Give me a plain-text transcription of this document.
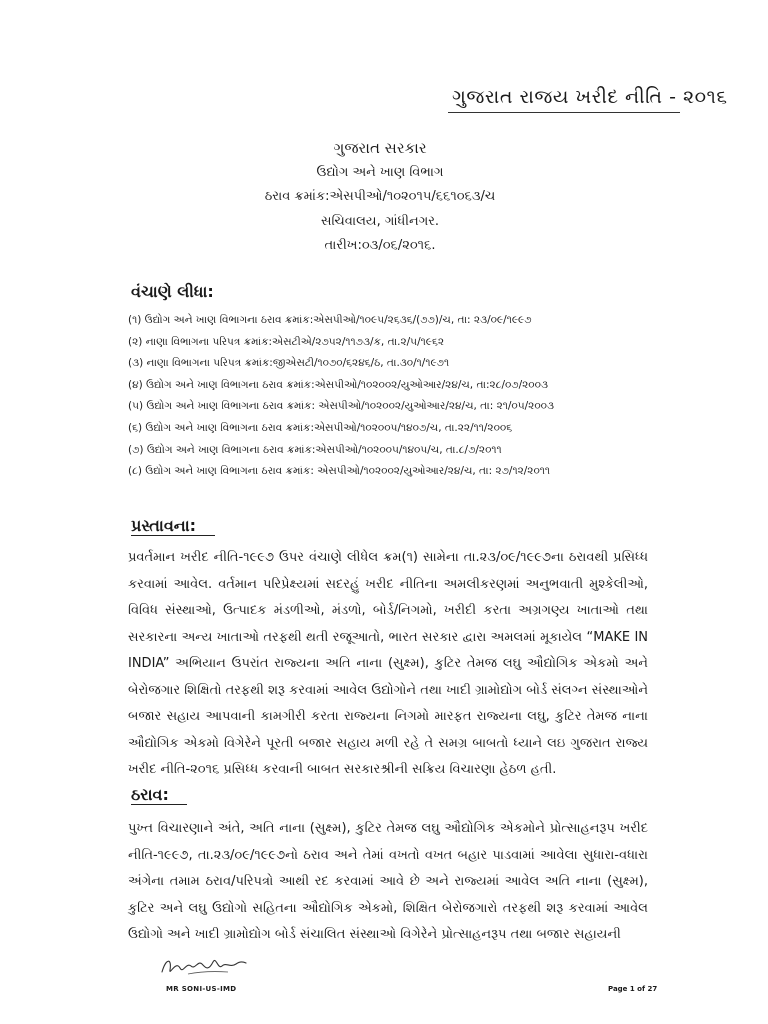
ગુજરાત રાજય ખરીદ નીતિ - ૨૦૧૬
ગુજરાત સરકાર
ઉદ્યોગ અને ખાણ વિભાગ
ઠરાવ ક્રમાંક:એસપીઓ/૧૦૨૦૧૫/૬૬૧૦૬૩/ચ
સચિવાલય, ગાંધીનગર.
તારીખ:૦૩/૦૬/૨૦૧૬.
વંચાણે લીધા:
(૧) ઉદ્યોગ અને ખાણ વિભાગના ઠરાવ ક્રમાંક:એસપીઓ/૧૦૯૫/૨૬૩૬/(૭૭)/ચ, તા: ૨૩/૦૯/૧૯૯૭
(૨) નાણા વિભાગના પરિપત્ર ક્રમાંક:એસટીએ/૨૭૫૨/૧૧૭૩/ક, તા.૨/૫/૧૯૬૨
(૩) નાણા વિભાગના પરિપત્ર ક્રમાંક:જીએસટી/૧૦૭૦/૬૨૪૬/ઠ, તા.૩૦/૧/૧૯૭૧
(૪) ઉદ્યોગ અને ખાણ વિભાગના ઠરાવ ક્રમાંક:એસપીઓ/૧૦૨૦૦૨/યુઓઆર/૨૪/ચ, તા:૨૮/૦૭/૨૦૦૩
(૫) ઉદ્યોગ અને ખાણ વિભાગના ઠરાવ ક્રમાંક: એસપીઓ/૧૦૨૦૦૨/યુઓઆર/૨૪/ચ, તા: ૨૧/૦૫/૨૦૦૩
(૬) ઉદ્યોગ અને ખાણ વિભાગના ઠરાવ ક્રમાંક:એસપીઓ/૧૦૨૦૦૫/૧૪૦૭/ચ, તા.૨૨/૧૧/૨૦૦૬
(૭) ઉદ્યોગ અને ખાણ વિભાગના ઠરાવ ક્રમાંક:એસપીઓ/૧૦૨૦૦૫/૧૪૦૫/ચ, તા.૮/૭/૨૦૧૧
(૮) ઉદ્યોગ અને ખાણ વિભાગના ઠરાવ ક્રમાંક: એસપીઓ/૧૦૨૦૦૨/યુઓઆર/૨૪/ચ, તા: ૨૭/૧૨/૨૦૧૧
પ્રસ્તાવના:

પ્રવર્તમાન ખરીદ નીતિ-૧૯૯૭ ઉપર વંચાણે લીધેલ ક્રમ(૧) સામેના તા.૨૩/૦૯/૧૯૯૭ના ઠરાવથી પ્રસિધ્ધ કરવામાં આવેલ. વર્તમાન પરિપ્રેક્ષ્યમાં સદરહું ખરીદ નીતિના અમલીકરણમાં અનુભવાતી મુશ્કેલીઓ, વિવિધ સંસ્થાઓ, ઉત્પાદક મંડળીઓ, મંડળો, બોર્ડ/નિગમો, ખરીદી કરતા અગ્રગણ્ય ખાતાઓ તથા સરકારના અન્ય ખાતાઓ તરફથી થતી રજૂઆતો, ભારત સરકાર દ્વારા અમલમાં મૂકાયેલ “MAKE IN INDIA” અભિયાન ઉપરાંત રાજ્યના અતિ નાના (સુક્ષ્મ), કુટિર તેમજ લઘુ ઔદ્યોગિક એકમો અને બેરોજગાર શિક્ષિતો તરફથી શરૂ કરવામાં આવેલ ઉદ્યોગોને તથા ખાદી ગ્રામોદ્યોગ બોર્ડ સંલગ્ન સંસ્થાઓને બજાર સહાય આપવાની કામગીરી કરતા રાજ્યના નિગમો મારફત રાજ્યના લઘુ, કુટિર તેમજ નાના ઔદ્યોગિક એકમો વિગેરેને પૂરતી બજાર સહાય મળી રહે તે સમગ્ર બાબતો ધ્યાને લઇ ગુજરાત રાજ્ય ખરીદ નીતિ-૨૦૧૬ પ્રસિધ્ધ કરવાની બાબત સરકારશ્રીની સક્રિય વિચારણા હેઠળ હતી.

ઠરાવ:

પુખ્ત વિચારણાને અંતે, અતિ નાના (સુક્ષ્મ), કુટિર તેમજ લઘુ ઔદ્યોગિક એકમોને પ્રોત્સાહનરૂપ ખરીદ નીતિ-૧૯૯૭, તા.૨૩/૦૯/૧૯૯૭નો ઠરાવ અને તેમાં વખતો વખત બહાર પાડવામાં આવેલા સુધારા-વધારા અંગેના તમામ ઠરાવ/પરિપત્રો આથી રદ કરવામાં આવે છે અને રાજ્યમાં આવેલ અતિ નાના (સુક્ષ્મ), કુટિર અને લઘુ ઉદ્યોગો સહિતના ઔદ્યોગિક એકમો, શિક્ષિત બેરોજગારો તરફથી શરૂ કરવામાં આવેલ ઉદ્યોગો અને ખાદી ગ્રામોદ્યોગ બોર્ડ સંચાલિત સંસ્થાઓ વિગેરેને પ્રોત્સાહનરૂપ તથા બજાર સહાયની

MR SONI-US-IMD	Page 1 of 27
